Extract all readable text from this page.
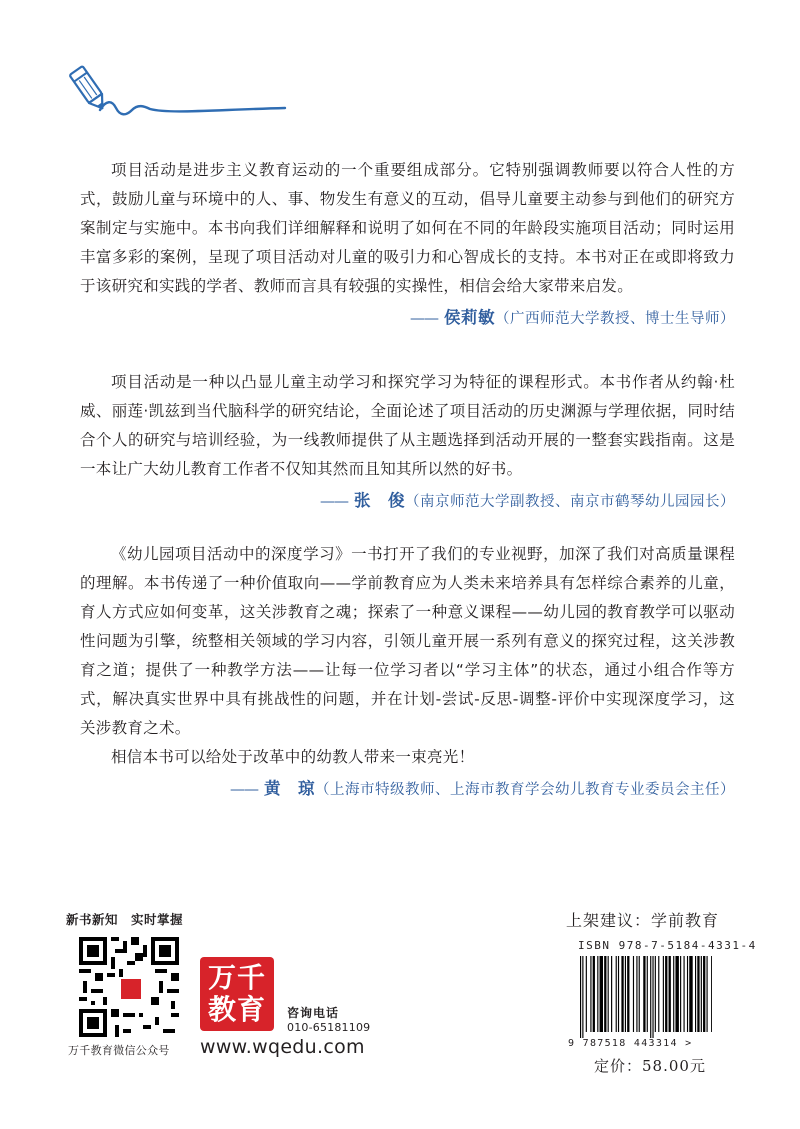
项目活动是进步主义教育运动的一个重要组成部分。它特别强调教师要以符合人性的方式，鼓励儿童与环境中的人、事、物发生有意义的互动，倡导儿童要主动参与到他们的研究方案制定与实施中。本书向我们详细解释和说明了如何在不同的年龄段实施项目活动；同时运用丰富多彩的案例，呈现了项目活动对儿童的吸引力和心智成长的支持。本书对正在或即将致力于该研究和实践的学者、教师而言具有较强的实操性，相信会给大家带来启发。

—— 侯莉敏（广西师范大学教授、博士生导师）

项目活动是一种以凸显儿童主动学习和探究学习为特征的课程形式。本书作者从约翰·杜威、丽莲·凯兹到当代脑科学的研究结论，全面论述了项目活动的历史渊源与学理依据，同时结合个人的研究与培训经验，为一线教师提供了从主题选择到活动开展的一整套实践指南。这是一本让广大幼儿教育工作者不仅知其然而且知其所以然的好书。

—— 张　俊（南京师范大学副教授、南京市鹤琴幼儿园园长）

《幼儿园项目活动中的深度学习》一书打开了我们的专业视野，加深了我们对高质量课程的理解。本书传递了一种价值取向——学前教育应为人类未来培养具有怎样综合素养的儿童，育人方式应如何变革，这关涉教育之魂；探索了一种意义课程——幼儿园的教育教学可以驱动性问题为引擎，统整相关领域的学习内容，引领儿童开展一系列有意义的探究过程，这关涉教育之道；提供了一种教学方法——让每一位学习者以“学习主体”的状态，通过小组合作等方式，解决真实世界中具有挑战性的问题，并在计划-尝试-反思-调整-评价中实现深度学习，这关涉教育之术。

相信本书可以给处于改革中的幼教人带来一束亮光！

—— 黄　琼（上海市特级教师、上海市教育学会幼儿教育专业委员会主任）
新书新知　实时掌握
万千教育微信公众号
万千
教育 咨询电话
010-65181109
www.wqedu.com
上架建议：学前教育
ISBN 978-7-5184-4331-4
9 787518 443314 >
定价：58.00元
